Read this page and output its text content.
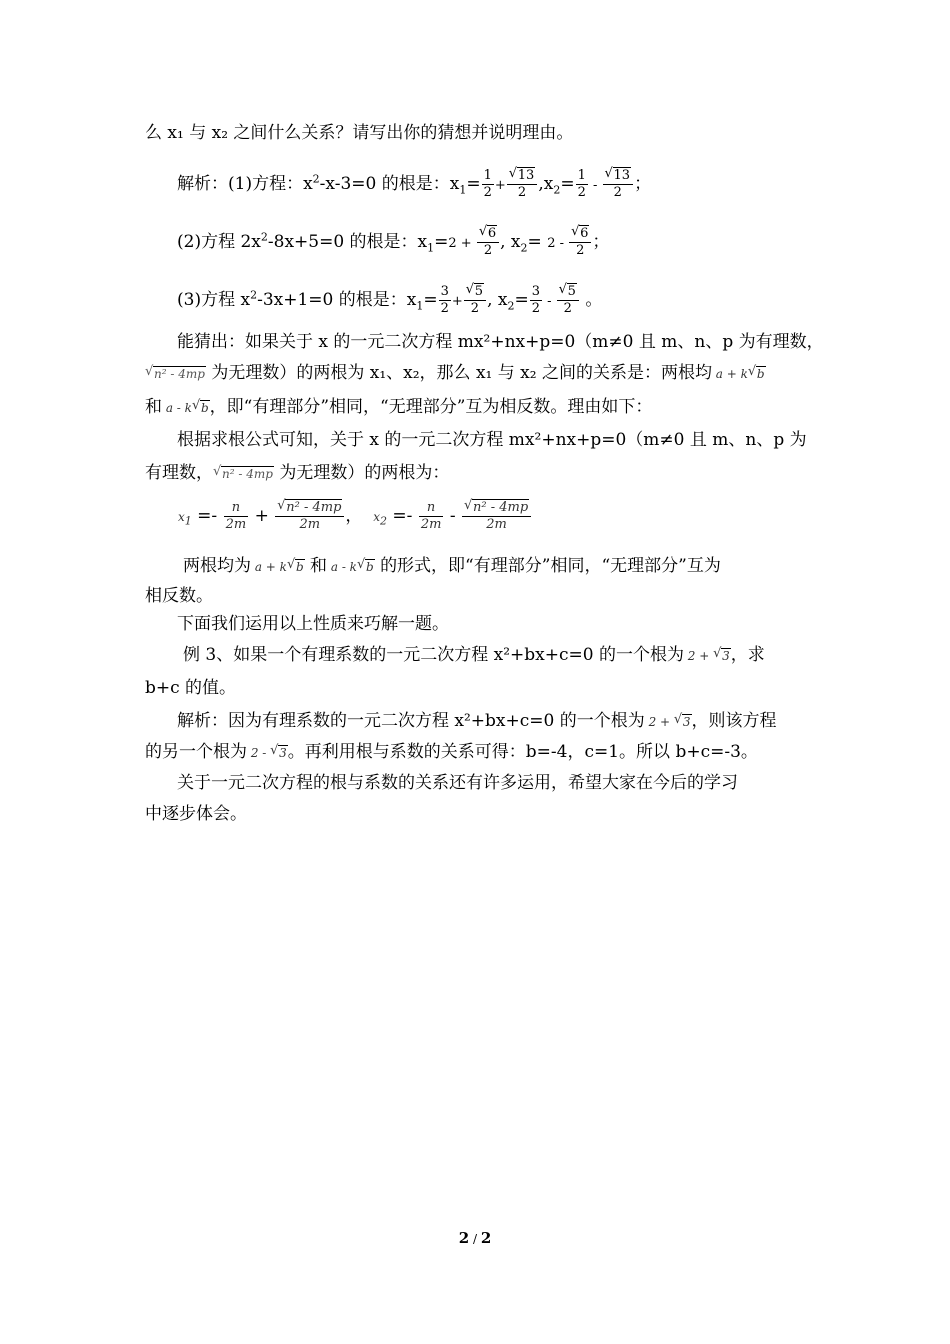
么 x₁ 与 x₂ 之间什么关系？请写出你的猜想并说明理由。
解析：(1)方程：$x^2-x-3=0$ 的根是：$x_1= \frac{1}{2}$ + √ $\frac{13}{2} ,x_2= \frac{1}{2}$ - √ $\frac{13}{2}$ ；
(2)方程 $2x^2-8x+5=0$ 的根是：$x_1=2$ + √ $\frac{6}{2}$ , $x_2= 2$ - √ $\frac{6}{2}$ ；
(3)方程 $x^2-3x+1=0$ 的根是：$x_1= \frac{3}{2}$ + √ $\frac{5}{2}$ , $x_2= \frac{3}{2}$ - √ $\frac{5}{2}$ 。
能猜出：如果关于 x 的一元二次方程 mx²+nx+p=0（m≠0 且 m、n、p 为有理数，
√ n² - 4mp 为无理数）的两根为 x₁、x₂，那么 x₁ 与 x₂ 之间的关系是：两根均 a + k √ b
和 a - k √ b，即“有理部分”相同，“无理部分”互为相反数。理由如下：
根据求根公式可知，关于 x 的一元二次方程 mx²+nx+p=0（m≠0 且 m、n、p 为
有理数， √ n² - 4mp 为无理数）的两根为：
$x_1 =- \frac{n}{2m}$ + √ $\frac{\text{n² - 4mp}}{2m}$ ，  $x_2 =- \frac{n}{2m}$ - √ $\frac{\text{n² - 4mp}}{2m}$
两根均为 a + k √ b 和 a - k √ b 的形式，即“有理部分”相同，“无理部分”互为
相反数。
下面我们运用以上性质来巧解一题。
例 3、如果一个有理系数的一元二次方程 x²+bx+c=0 的一个根为 2 + √ 3，求
b+c 的值。
解析：因为有理系数的一元二次方程 x²+bx+c=0 的一个根为 2 + √ 3，则该方程
的另一个根为 2 - √ 3。再利用根与系数的关系可得：b=-4，c=1。所以 b+c=-3。
关于一元二次方程的根与系数的关系还有许多运用，希望大家在今后的学习
中逐步体会。
2 / 2
